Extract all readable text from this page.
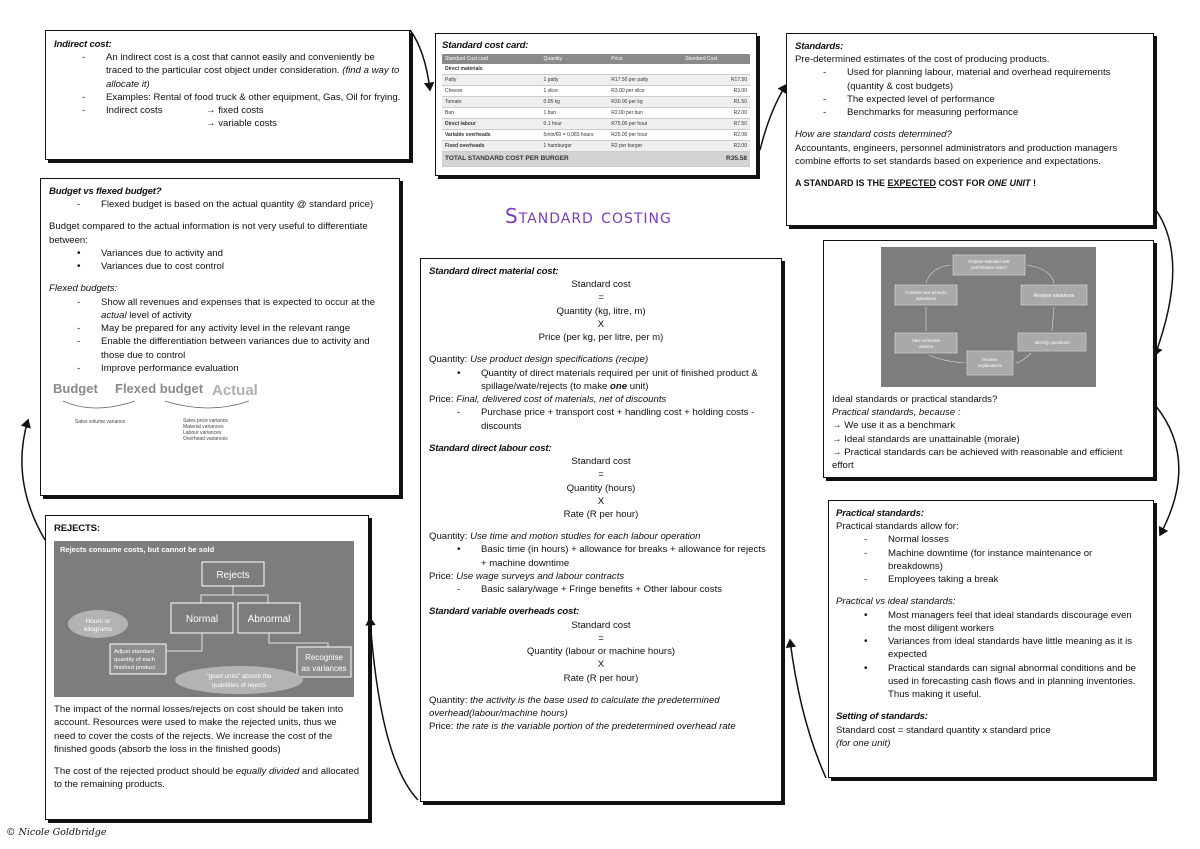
Standard costing
© Nicole Goldbridge
Indirect cost:
- An indirect cost is a cost that cannot easily and conveniently be traced to the particular cost object under consideration. (find a way to allocate it)
- Examples: Rental of food truck & other equipment, Gas, Oil for frying.
- Indirect costs	→ fixed costs
→ variable costs
Standard cost card:
Standard Cost card	Quantity	Price	Standard Cost
Direct materials			
Patty	1 patty	R17.50 per patty	R17.50
Cheese	1 slice	R3.00 per slice	R3.00
Tomato	0.05 kg	R30.00 per kg	R1.50
Bun	1 bun	R2.00 per bun	R2.00
Direct labour	0.1 hour	R75.00 per hour	R7.50
Variable overheads	5min/60 = 0,083 hours	R25.00 per hour	R2.08
Fixed overheads	1 hamburger	R2 per burger	R2.00
TOTAL STANDARD COST PER BURGER			R35.58
Standards:
Pre-determined estimates of the cost of producing products.
- Used for planning labour, material and overhead requirements (quantity & cost budgets)
- The expected level of performance
- Benchmarks for measuring performance
How are standard costs determined?
Accountants, engineers, personnel administrators and production managers combine efforts to set standards based on experience and expectations.
A STANDARD IS THE EXPECTED COST FOR ONE UNIT !
Budget vs flexed budget?
- Flexed budget is based on the actual quantity @ standard price)
Budget compared to the actual information is not very useful to differentiate between:
• Variances due to activity and
• Variances due to cost control
Flexed budgets:
- Show all revenues and expenses that is expected to occur at the actual level of activity
- May be prepared for any activity level in the relevant range
- Enable the differentiation between variances due to activity and those due to control
- Improve performance evaluation
Budget Flexed budget Actual
Sales volume variance	Sales price variance
Material variances
Labour variances
Overhead variances
Standard direct material cost:
Standard cost
=
Quantity (kg, litre, m)
X
Price (per kg, per litre, per m)
Quantity: Use product design specifications (recipe)
• Quantity of direct materials required per unit of finished product & spillage/wate/rejects (to make one unit)
Price: Final, delivered cost of materials, net of discounts
- Purchase price + transport cost + handling cost + holding costs - discounts
Standard direct labour cost:
Standard cost
=
Quantity (hours)
X
Rate (R per hour)
Quantity: Use time and motion studies for each labour operation
• Basic time (in hours) + allowance for breaks + allowance for rejects + machine downtime
Price: Use wage surveys and labour contracts
- Basic salary/wage + Fringe benefits + Other labour costs
Standard variable overheads cost:
Standard cost
=
Quantity (labour or machine hours)
X
Rate (R per hour)
Quantity: the activity is the base used to calculate the predetermined overhead(labour/machine hours)
Price: the rate is the variable portion of the predetermined overhead rate
Prepare standard cost
performance report
Analyse variances
Identify questions
Receive
explanations
Take corrective
actions
Conduct next period's
operations
Ideal standards or practical standards?
Practical standards, because :
→ We use it as a benchmark
→ Ideal standards are unattainable (morale)
→ Practical standards can be achieved with reasonable and efficient effort
Practical standards:
Practical standards allow for:
- Normal losses
- Machine downtime (for instance maintenance or breakdowns)
- Employees taking a break
Practical vs ideal standards:
• Most managers feel that ideal standards discourage even the most diligent workers
• Variances from ideal standards have little meaning as it is expected
• Practical standards can signal abnormal conditions and be used in forecasting cash flows and in planning inventories. Thus making it useful.
Setting of standards:
Standard cost = standard quantity x standard price
(for one unit)
REJECTS:
Rejects consume costs, but cannot be sold
Rejects
Normal	Abnormal
Hours or
kilograms
Adjust standard
quantity of each
finished product
Recognise
as variances
"good units" absorb the
quantities of rejects
The impact of the normal losses/rejects on cost should be taken into account. Resources were used to make the rejected units, thus we need to cover the costs of the rejects. We increase the cost of the finished goods (absorb the loss in the finished goods)
The cost of the rejected product should be equally divided and allocated to the remaining products.
